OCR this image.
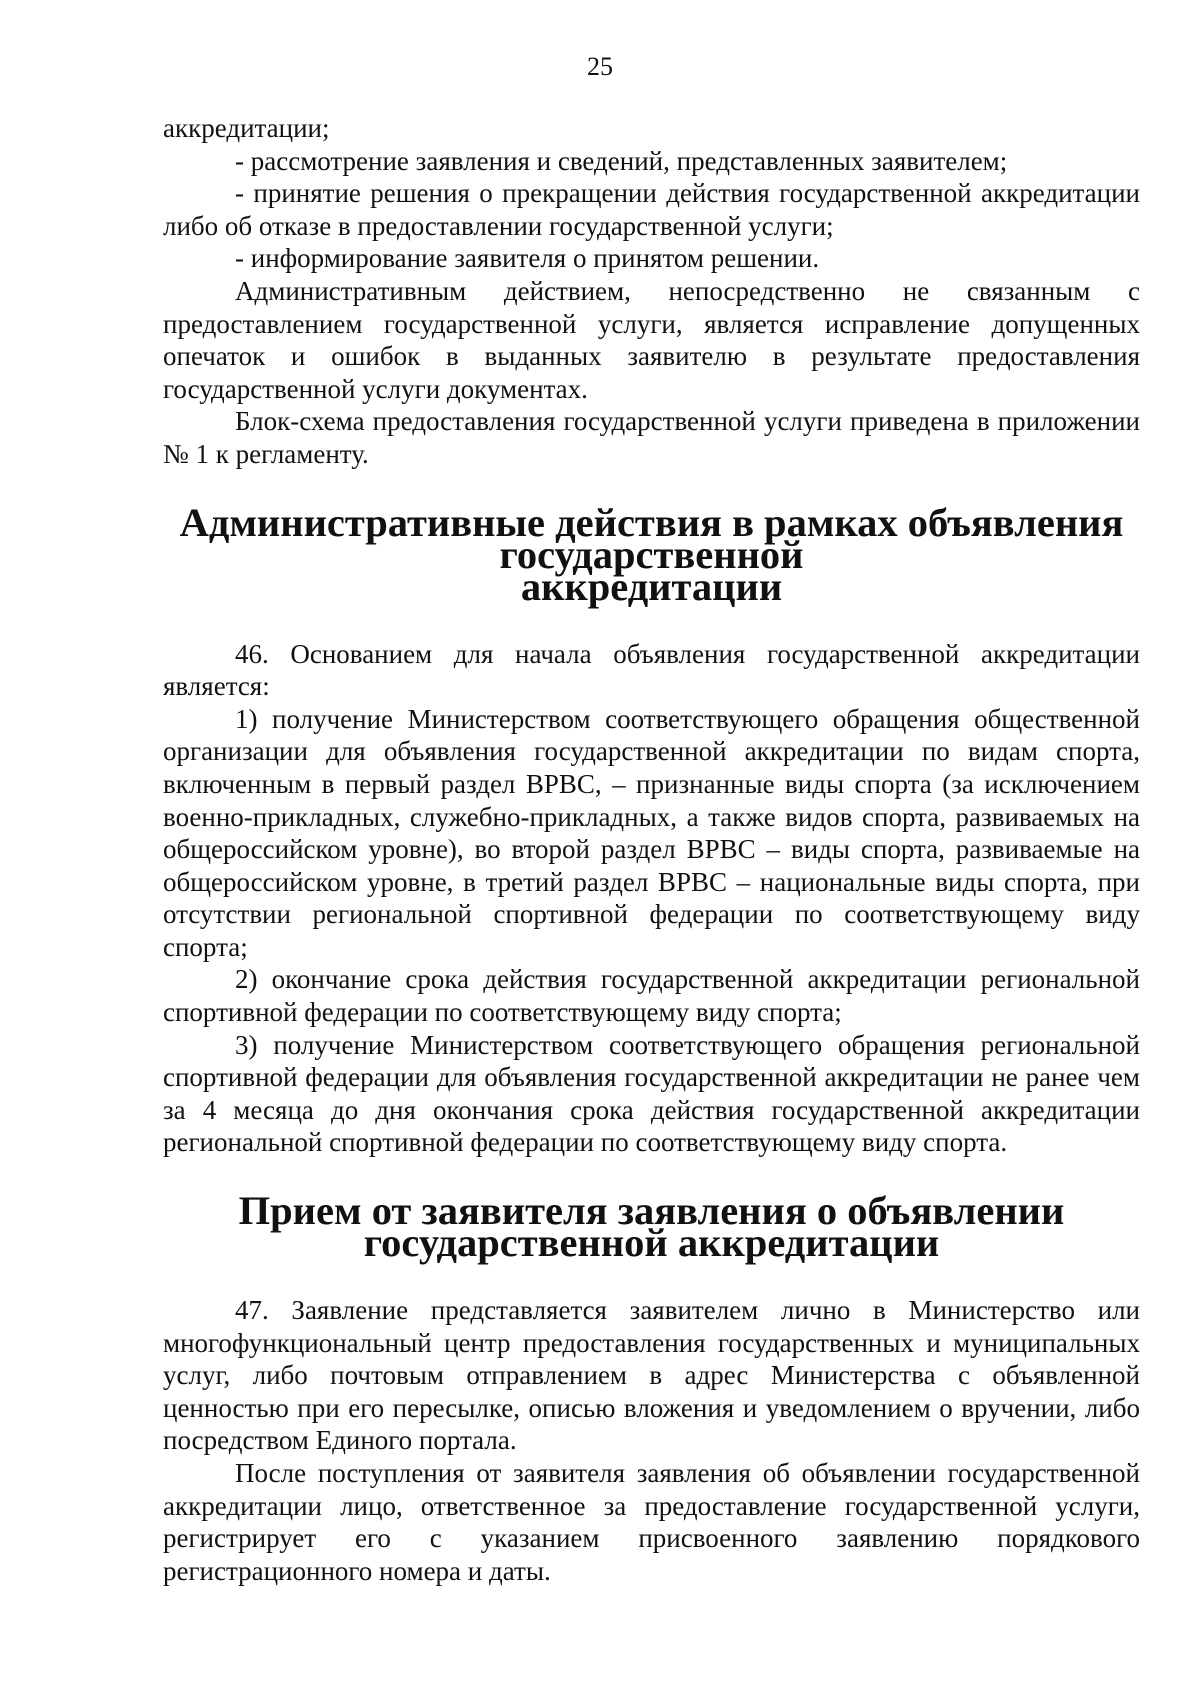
25

аккредитации;

- рассмотрение заявления и сведений, представленных заявителем;

- принятие решения о прекращении действия государственной аккредитации либо об отказе в предоставлении государственной услуги;

- информирование заявителя о принятом решении.

Административным действием, непосредственно не связанным с предоставлением государственной услуги, является исправление допущенных опечаток и ошибок в выданных заявителю в результате предоставления государственной услуги документах.

Блок-схема предоставления государственной услуги приведена в приложении № 1 к регламенту.

Административные действия в рамках объявления государственной
аккредитации

46. Основанием для начала объявления государственной аккредитации является:

1) получение Министерством соответствующего обращения общественной организации для объявления государственной аккредитации по видам спорта, включенным в первый раздел ВРВС, – признанные виды спорта (за исключением военно-прикладных, служебно-прикладных, а также видов спорта, развиваемых на общероссийском уровне), во второй раздел ВРВС – виды спорта, развиваемые на общероссийском уровне, в третий раздел ВРВС – национальные виды спорта, при отсутствии региональной спортивной федерации по соответствующему виду спорта;

2) окончание срока действия государственной аккредитации региональной спортивной федерации по соответствующему виду спорта;

3) получение Министерством соответствующего обращения региональной спортивной федерации для объявления государственной аккредитации не ранее чем за 4 месяца до дня окончания срока действия государственной аккредитации региональной спортивной федерации по соответствующему виду спорта.

Прием от заявителя заявления о объявлении
государственной аккредитации

47. Заявление представляется заявителем лично в Министерство или многофункциональный центр предоставления государственных и муниципальных услуг, либо почтовым отправлением в адрес Министерства с объявленной ценностью при его пересылке, описью вложения и уведомлением о вручении, либо посредством Единого портала.

После поступления от заявителя заявления об объявлении государственной аккредитации лицо, ответственное за предоставление государственной услуги, регистрирует его с указанием присвоенного заявлению порядкового регистрационного номера и даты.
